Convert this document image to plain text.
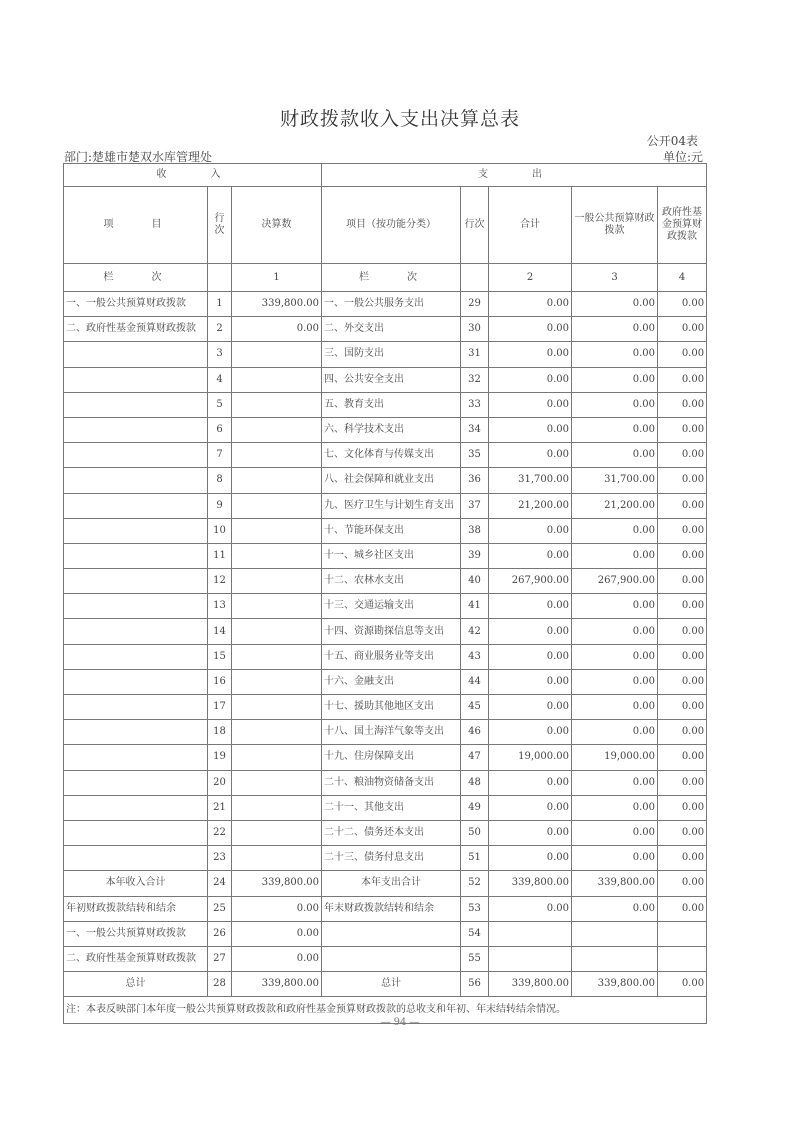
财政拨款收入支出决算总表
公开04表
部门:楚雄市楚双水库管理处	单位:元
收　　入			支　　出				
项　　目	行次	决算数	项目（按功能分类）	行次	合计	一般公共预算财政拨款	政府性基金预算财政拨款
栏　　次		1	栏　　次		2	3	4
一、一般公共预算财政拨款	1	339,800.00	一、一般公共服务支出	29	0.00	0.00	0.00
二、政府性基金预算财政拨款	2	0.00	二、外交支出	30	0.00	0.00	0.00
	3		三、国防支出	31	0.00	0.00	0.00
	4		四、公共安全支出	32	0.00	0.00	0.00
	5		五、教育支出	33	0.00	0.00	0.00
	6		六、科学技术支出	34	0.00	0.00	0.00
	7		七、文化体育与传媒支出	35	0.00	0.00	0.00
	8		八、社会保障和就业支出	36	31,700.00	31,700.00	0.00
	9		九、医疗卫生与计划生育支出	37	21,200.00	21,200.00	0.00
	10		十、节能环保支出	38	0.00	0.00	0.00
	11		十一、城乡社区支出	39	0.00	0.00	0.00
	12		十二、农林水支出	40	267,900.00	267,900.00	0.00
	13		十三、交通运输支出	41	0.00	0.00	0.00
	14		十四、资源勘探信息等支出	42	0.00	0.00	0.00
	15		十五、商业服务业等支出	43	0.00	0.00	0.00
	16		十六、金融支出	44	0.00	0.00	0.00
	17		十七、援助其他地区支出	45	0.00	0.00	0.00
	18		十八、国土海洋气象等支出	46	0.00	0.00	0.00
	19		十九、住房保障支出	47	19,000.00	19,000.00	0.00
	20		二十、粮油物资储备支出	48	0.00	0.00	0.00
	21		二十一、其他支出	49	0.00	0.00	0.00
	22		二十二、债务还本支出	50	0.00	0.00	0.00
	23		二十三、债务付息支出	51	0.00	0.00	0.00
本年收入合计	24	339,800.00	本年支出合计	52	339,800.00	339,800.00	0.00
年初财政拨款结转和结余	25	0.00	年末财政拨款结转和结余	53	0.00	0.00	0.00
一、一般公共预算财政拨款	26	0.00		54			
二、政府性基金预算财政拨款	27	0.00		55			
总计	28	339,800.00	总计	56	339,800.00	339,800.00	0.00
注：本表反映部门本年度一般公共预算财政拨款和政府性基金预算财政拨款的总收支和年初、年末结转结余情况。							
— 94 —
